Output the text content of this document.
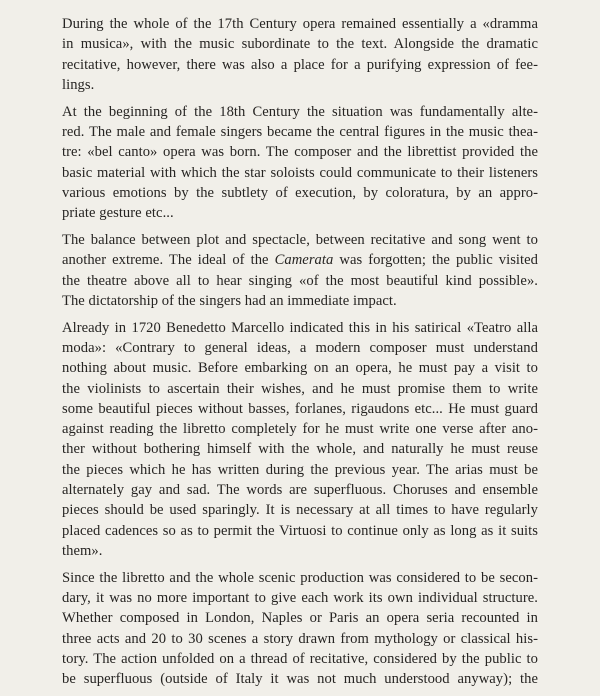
During the whole of the 17th Century opera remained essentially a «dramma
in musica», with the music subordinate to the text. Alongside the dramatic
recitative, however, there was also a place for a purifying expression of fee-
lings.

At the beginning of the 18th Century the situation was fundamentally alte-
red. The male and female singers became the central figures in the music thea-
tre: «bel canto» opera was born. The composer and the librettist provided the
basic material with which the star soloists could communicate to their listeners
various emotions by the subtlety of execution, by coloratura, by an appro-
priate gesture etc...

The balance between plot and spectacle, between recitative and song went to
another extreme. The ideal of the Camerata was forgotten; the public visited
the theatre above all to hear singing «of the most beautiful kind possible».
The dictatorship of the singers had an immediate impact.

Already in 1720 Benedetto Marcello indicated this in his satirical «Teatro alla
moda»: «Contrary to general ideas, a modern composer must understand
nothing about music. Before embarking on an opera, he must pay a visit to
the violinists to ascertain their wishes, and he must promise them to write
some beautiful pieces without basses, forlanes, rigaudons etc... He must guard
against reading the libretto completely for he must write one verse after ano-
ther without bothering himself with the whole, and naturally he must reuse
the pieces which he has written during the previous year. The arias must be
alternately gay and sad. The words are superfluous. Choruses and ensemble
pieces should be used sparingly. It is necessary at all times to have regularly
placed cadences so as to permit the Virtuosi to continue only as long as it suits
them».

Since the libretto and the whole scenic production was considered to be secon-
dary, it was no more important to give each work its own individual structure.
Whether composed in London, Naples or Paris an opera seria recounted in
three acts and 20 to 30 scenes a story drawn from mythology or classical his-
tory. The action unfolded on a thread of recitative, considered by the public to
be superfluous (outside of Italy it was not much understood anyway); the
